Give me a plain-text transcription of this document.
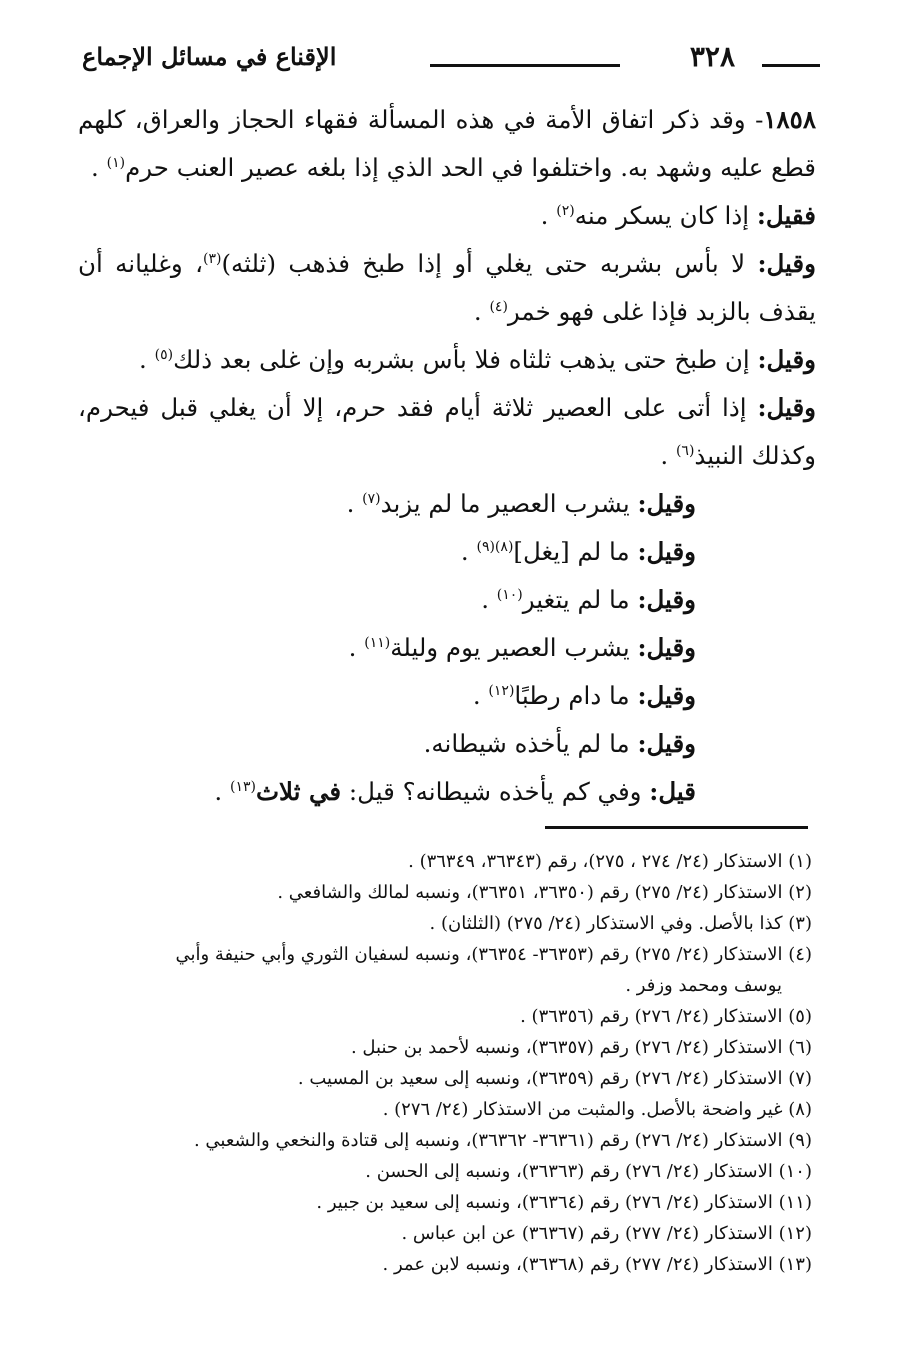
٣٢٨
الإقناع في مسائل الإجماع

١٨٥٨- وقد ذكر اتفاق الأمة في هذه المسألة فقهاء الحجاز والعراق، كلهم قطع عليه وشهد به. واختلفوا في الحد الذي إذا بلغه عصير العنب حرم$^{(١)}$ .

فقيل: إذا كان يسكر منه$^{(٢)}$ .

وقيل: لا بأس بشربه حتى يغلي أو إذا طبخ فذهب (ثلثه)$^{(٣)}$، وغليانه أن يقذف بالزبد فإذا غلى فهو خمر$^{(٤)}$ .

وقيل: إن طبخ حتى يذهب ثلثاه فلا بأس بشربه وإن غلى بعد ذلك$^{(٥)}$ .

وقيل: إذا أتى على العصير ثلاثة أيام فقد حرم، إلا أن يغلي قبل فيحرم، وكذلك النبيذ$^{(٦)}$ .

وقيل: يشرب العصير ما لم يزبد$^{(٧)}$ .

وقيل: ما لم [يغل]$^{(٨)(٩)}$ .

وقيل: ما لم يتغير$^{(١٠)}$ .

وقيل: يشرب العصير يوم وليلة$^{(١١)}$ .

وقيل: ما دام رطبًا$^{(١٢)}$ .

وقيل: ما لم يأخذه شيطانه.

قيل: وفي كم يأخذه شيطانه؟ قيل: في ثلاث$^{(١٣)}$ .

(١) الاستذكار (٢٤/ ٢٧٤ ، ٢٧٥)، رقم (٣٦٣٤٣، ٣٦٣٤٩) .

(٢) الاستذكار (٢٤/ ٢٧٥) رقم (٣٦٣٥٠، ٣٦٣٥١)، ونسبه لمالك والشافعي .

(٣) كذا بالأصل. وفي الاستذكار (٢٤/ ٢٧٥) (الثلثان) .

(٤) الاستذكار (٢٤/ ٢٧٥) رقم (٣٦٣٥٣- ٣٦٣٥٤)، ونسبه لسفيان الثوري وأبي حنيفة وأبي

يوسف ومحمد وزفر .

(٥) الاستذكار (٢٤/ ٢٧٦) رقم (٣٦٣٥٦) .

(٦) الاستذكار (٢٤/ ٢٧٦) رقم (٣٦٣٥٧)، ونسبه لأحمد بن حنبل .

(٧) الاستذكار (٢٤/ ٢٧٦) رقم (٣٦٣٥٩)، ونسبه إلى سعيد بن المسيب .

(٨) غير واضحة بالأصل. والمثبت من الاستذكار (٢٤/ ٢٧٦) .

(٩) الاستذكار (٢٤/ ٢٧٦) رقم (٣٦٣٦١- ٣٦٣٦٢)، ونسبه إلى قتادة والنخعي والشعبي .

(١٠) الاستذكار (٢٤/ ٢٧٦) رقم (٣٦٣٦٣)، ونسبه إلى الحسن .

(١١) الاستذكار (٢٤/ ٢٧٦) رقم (٣٦٣٦٤)، ونسبه إلى سعيد بن جبير .

(١٢) الاستذكار (٢٤/ ٢٧٧) رقم (٣٦٣٦٧) عن ابن عباس .

(١٣) الاستذكار (٢٤/ ٢٧٧) رقم (٣٦٣٦٨)، ونسبه لابن عمر .
